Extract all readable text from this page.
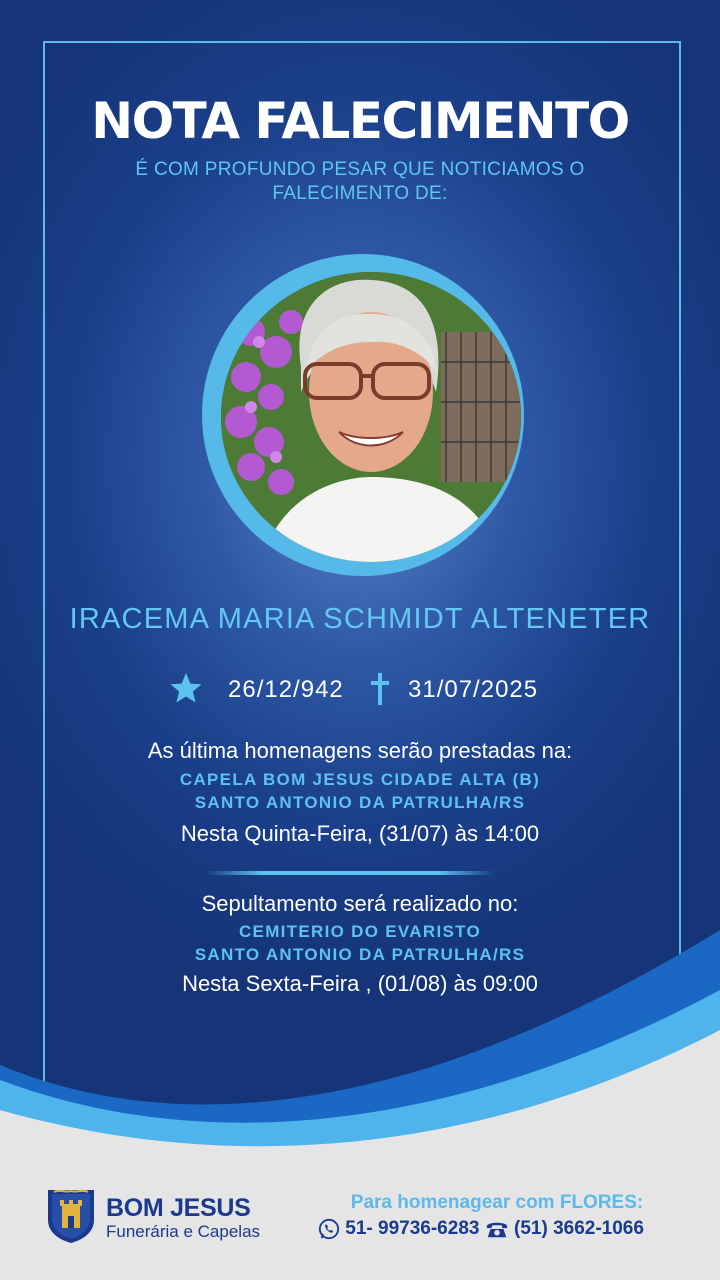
NOTA FALECIMENTO

É COM PROFUNDO PESAR QUE NOTICIAMOS O FALECIMENTO DE:

IRACEMA MARIA SCHMIDT ALTENETER
26/12/942	31/07/2025
As última homenagens serão prestadas na:
CAPELA BOM JESUS CIDADE ALTA (B)
SANTO ANTONIO DA PATRULHA/RS
Nesta Quinta-Feira, (31/07) às 14:00
Sepultamento será realizado no:
CEMITERIO DO EVARISTO
SANTO ANTONIO DA PATRULHA/RS
Nesta Sexta-Feira , (01/08) às 09:00
BOM JESUS
Funerária e Capelas
Para homenagear com FLORES:
51- 99736-6283 (51) 3662-1066
